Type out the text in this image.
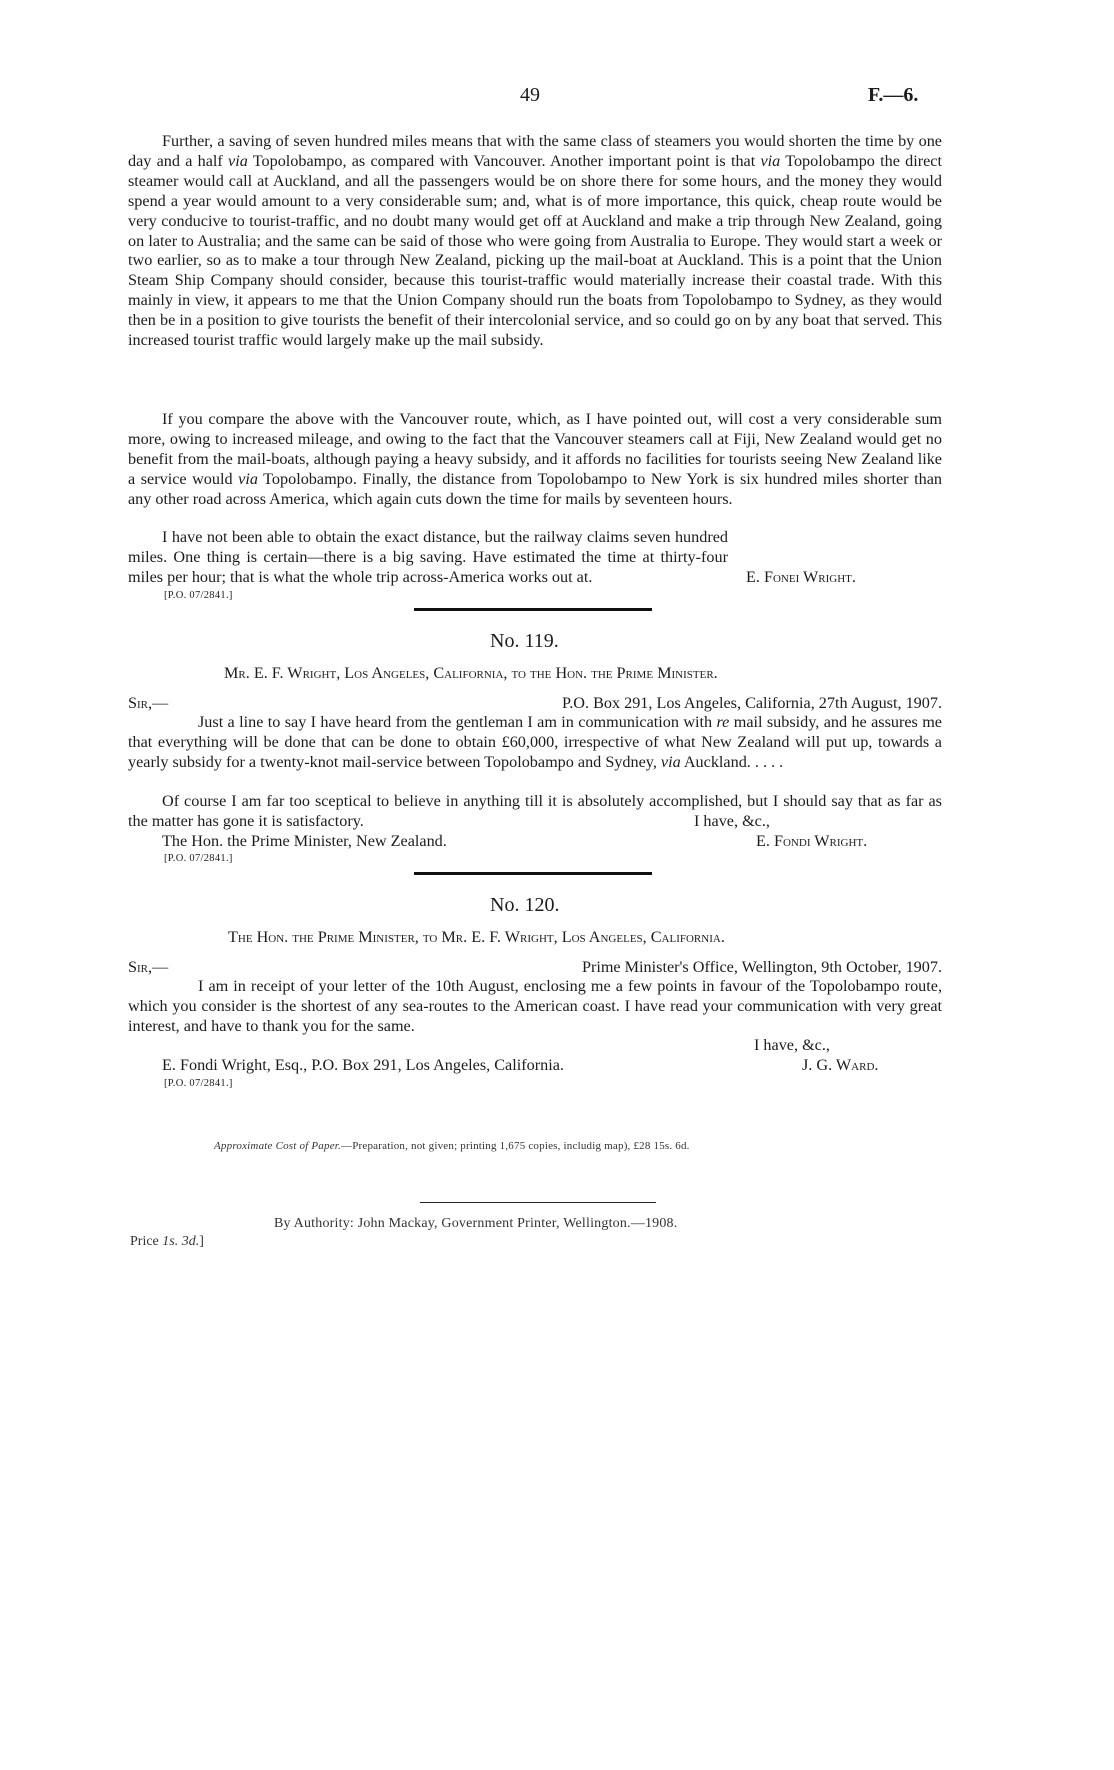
49	F.—6.

Further, a saving of seven hundred miles means that with the same class of steamers you would shorten the time by one day and a half via Topolobampo, as compared with Vancouver. Another important point is that via Topolobampo the direct steamer would call at Auckland, and all the passengers would be on shore there for some hours, and the money they would spend a year would amount to a very considerable sum; and, what is of more importance, this quick, cheap route would be very conducive to tourist-traffic, and no doubt many would get off at Auckland and make a trip through New Zealand, going on later to Australia; and the same can be said of those who were going from Australia to Europe. They would start a week or two earlier, so as to make a tour through New Zealand, picking up the mail-boat at Auckland. This is a point that the Union Steam Ship Company should consider, because this tourist-traffic would materially increase their coastal trade. With this mainly in view, it appears to me that the Union Company should run the boats from Topolobampo to Sydney, as they would then be in a position to give tourists the benefit of their intercolonial service, and so could go on by any boat that served. This increased tourist traffic would largely make up the mail subsidy.

If you compare the above with the Vancouver route, which, as I have pointed out, will cost a very considerable sum more, owing to increased mileage, and owing to the fact that the Vancouver steamers call at Fiji, New Zealand would get no benefit from the mail-boats, although paying a heavy subsidy, and it affords no facilities for tourists seeing New Zealand like a service would via Topolobampo. Finally, the distance from Topolobampo to New York is six hundred miles shorter than any other road across America, which again cuts down the time for mails by seventeen hours.

I have not been able to obtain the exact distance, but the railway claims seven hundred miles. One thing is certain—there is a big saving. Have estimated the time at thirty-four miles per hour; that is what the whole trip across-America works out at.	E. Fonei Wright.
[P.O. 07/2841.]
No. 119.
Mr. E. F. Wright, Los Angeles, California, to the Hon. the Prime Minister.
Sir,—	P.O. Box 291, Los Angeles, California, 27th August, 1907.

Just a line to say I have heard from the gentleman I am in communication with re mail subsidy, and he assures me that everything will be done that can be done to obtain £60,000, irrespective of what New Zealand will put up, towards a yearly subsidy for a twenty-knot mail-service between Topolobampo and Sydney, via Auckland. . . . .

Of course I am far too sceptical to believe in anything till it is absolutely accomplished, but I should say that as far as the matter has gone it is satisfactory.	I have, &c.,
The Hon. the Prime Minister, New Zealand.	E. Fondi Wright.
[P.O. 07/2841.]
No. 120.
The Hon. the Prime Minister, to Mr. E. F. Wright, Los Angeles, California.
Sir,—	Prime Minister's Office, Wellington, 9th October, 1907.

I am in receipt of your letter of the 10th August, enclosing me a few points in favour of the Topolobampo route, which you consider is the shortest of any sea-routes to the American coast. I have read your communication with very great interest, and have to thank you for the same.

I have, &c.,
E. Fondi Wright, Esq., P.O. Box 291, Los Angeles, California.	J. G. Ward.
[P.O. 07/2841.]
Approximate Cost of Paper.—Preparation, not given; printing 1,675 copies, includig map), £28 15s. 6d.
By Authority: John Mackay, Government Printer, Wellington.—1908.
Price 1s. 3d.]
